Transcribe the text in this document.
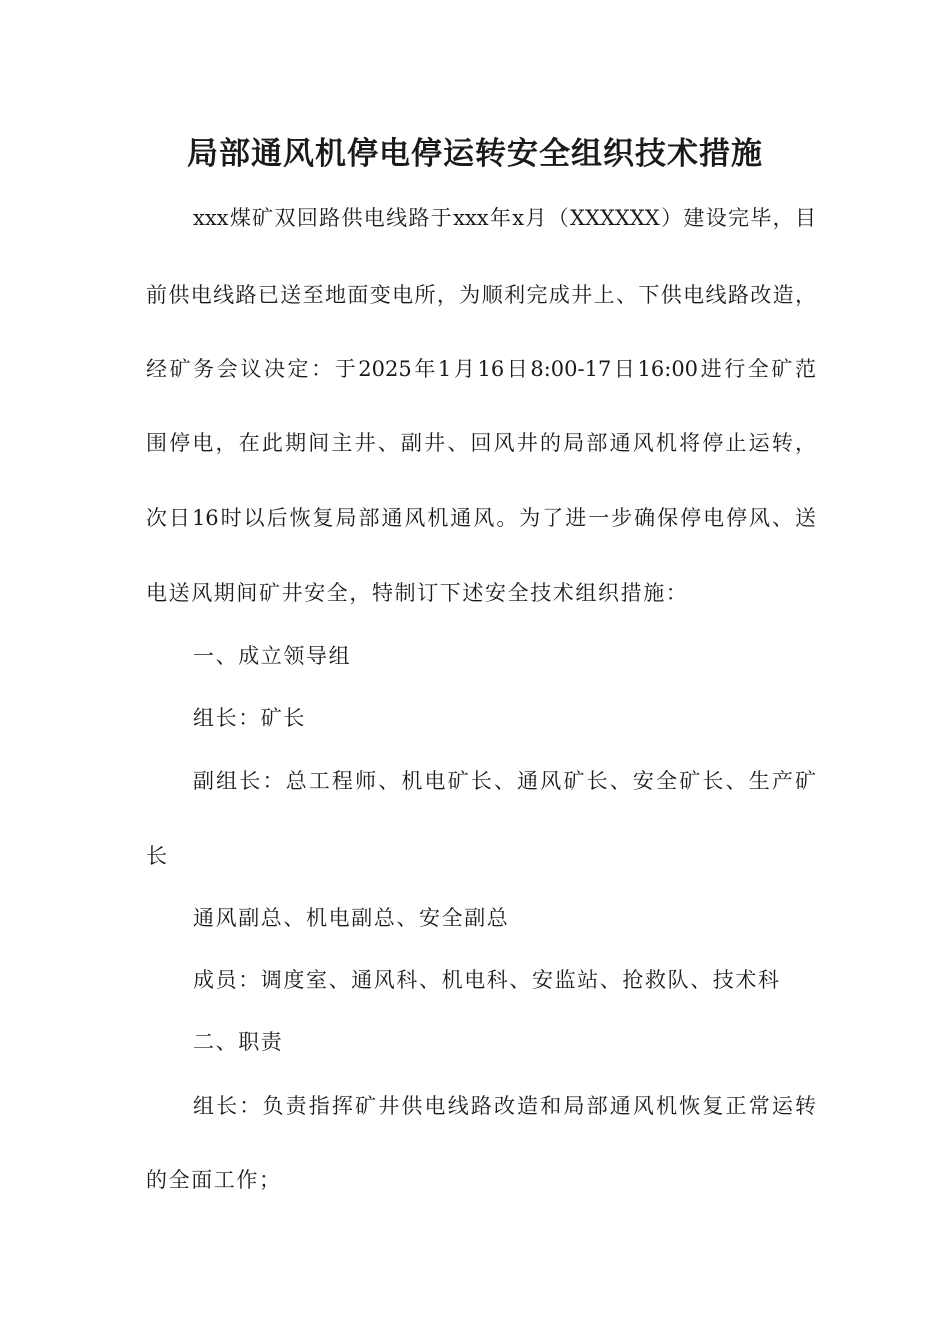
局部通风机停电停运转安全组织技术措施
xxx煤矿双回路供电线路于xxx年x月（XXXXXX）建设完毕，目
前供电线路已送至地面变电所，为顺利完成井上、下供电线路改造，
经矿务会议决定：于2025年1月16日8:00-17日16:00进行全矿范
围停电，在此期间主井、副井、回风井的局部通风机将停止运转，
次日16时以后恢复局部通风机通风。为了进一步确保停电停风、送
电送风期间矿井安全，特制订下述安全技术组织措施：
一、成立领导组
组长：矿长
副组长：总工程师、机电矿长、通风矿长、安全矿长、生产矿
长
通风副总、机电副总、安全副总
成员：调度室、通风科、机电科、安监站、抢救队、技术科
二、职责
组长：负责指挥矿井供电线路改造和局部通风机恢复正常运转
的全面工作；
